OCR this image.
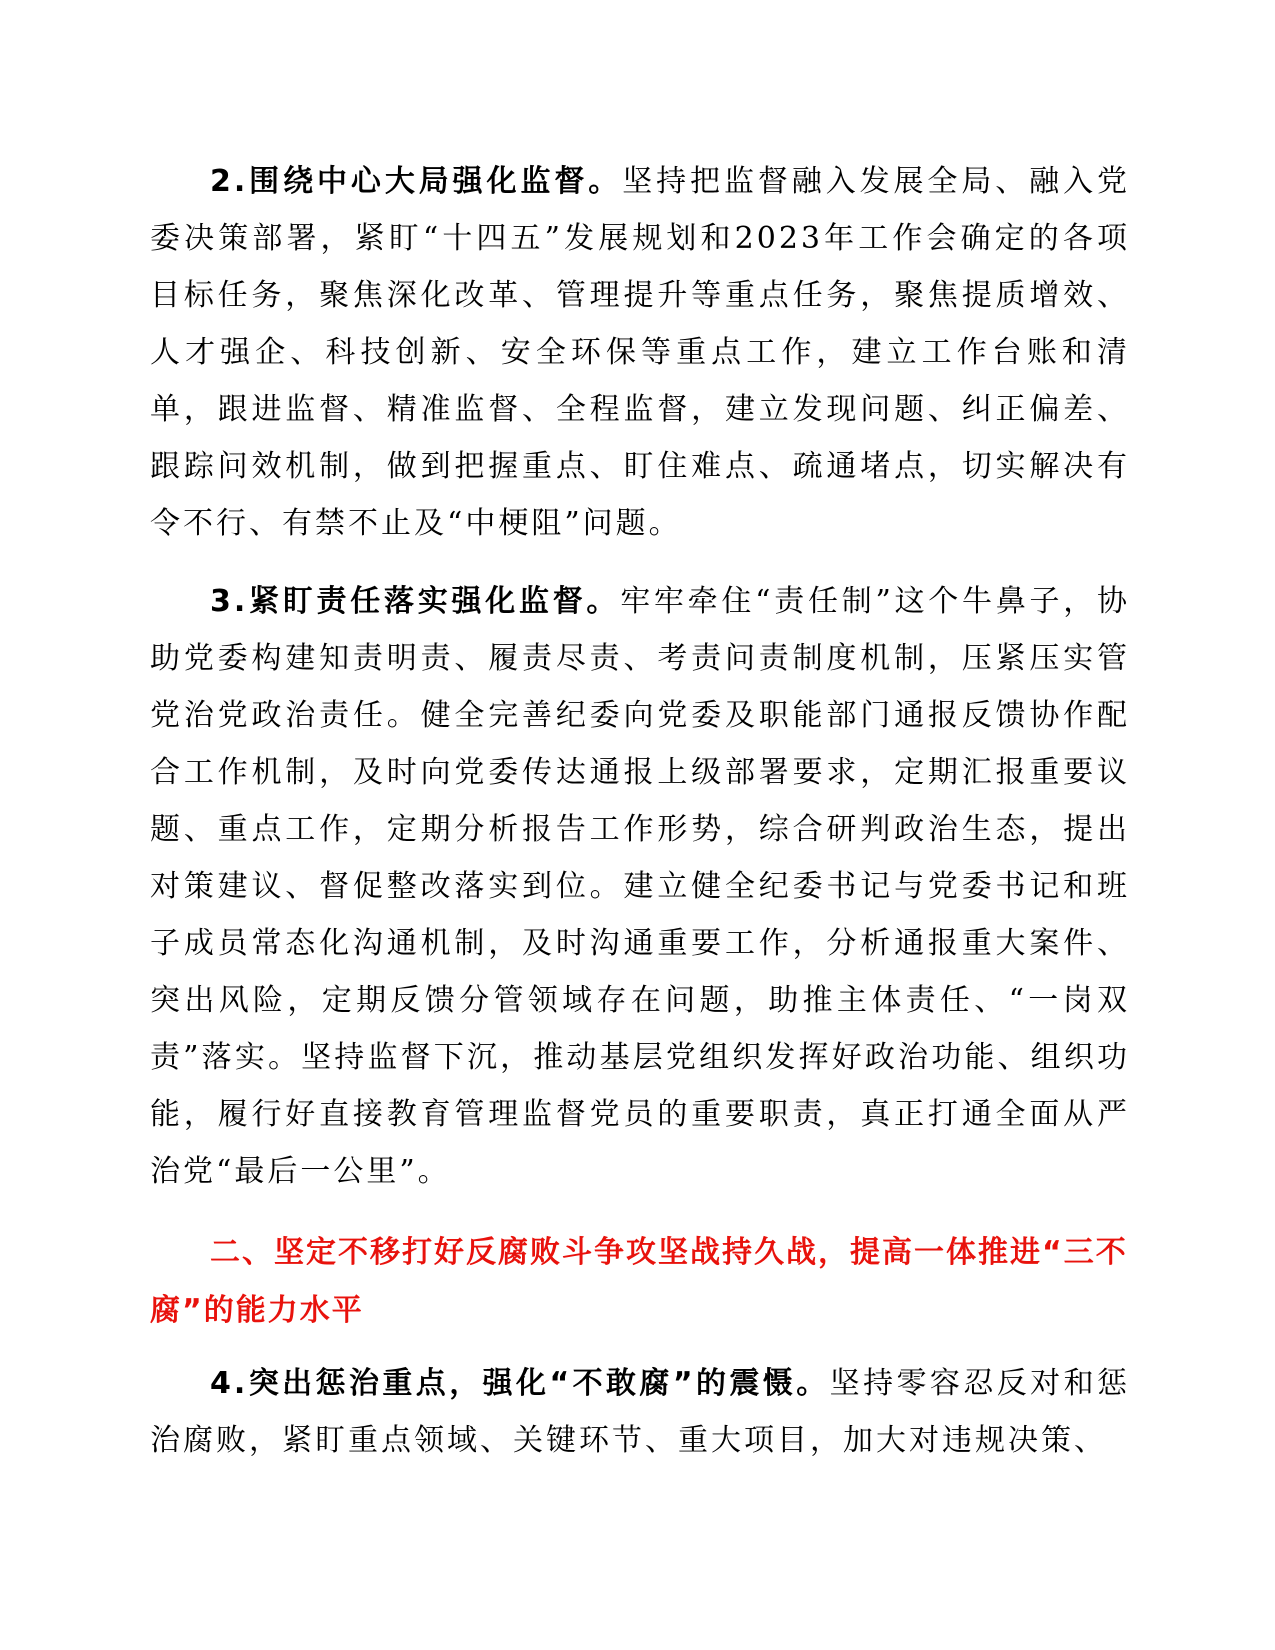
2.围绕中心大局强化监督。坚持把监督融入发展全局、融入党委决策部署，紧盯“十四五”发展规划和2023年工作会确定的各项目标任务，聚焦深化改革、管理提升等重点任务，聚焦提质增效、人才强企、科技创新、安全环保等重点工作，建立工作台账和清单，跟进监督、精准监督、全程监督，建立发现问题、纠正偏差、跟踪问效机制，做到把握重点、盯住难点、疏通堵点，切实解决有令不行、有禁不止及“中梗阻”问题。

3.紧盯责任落实强化监督。牢牢牵住“责任制”这个牛鼻子，协助党委构建知责明责、履责尽责、考责问责制度机制，压紧压实管党治党政治责任。健全完善纪委向党委及职能部门通报反馈协作配合工作机制，及时向党委传达通报上级部署要求，定期汇报重要议题、重点工作，定期分析报告工作形势，综合研判政治生态，提出对策建议、督促整改落实到位。建立健全纪委书记与党委书记和班子成员常态化沟通机制，及时沟通重要工作，分析通报重大案件、突出风险，定期反馈分管领域存在问题，助推主体责任、“一岗双责”落实。坚持监督下沉，推动基层党组织发挥好政治功能、组织功能，履行好直接教育管理监督党员的重要职责，真正打通全面从严治党“最后一公里”。

二、坚定不移打好反腐败斗争攻坚战持久战，提高一体推进“三不腐”的能力水平

4.突出惩治重点，强化“不敢腐”的震慑。坚持零容忍反对和惩治腐败，紧盯重点领域、关键环节、重大项目，加大对违规决策、
